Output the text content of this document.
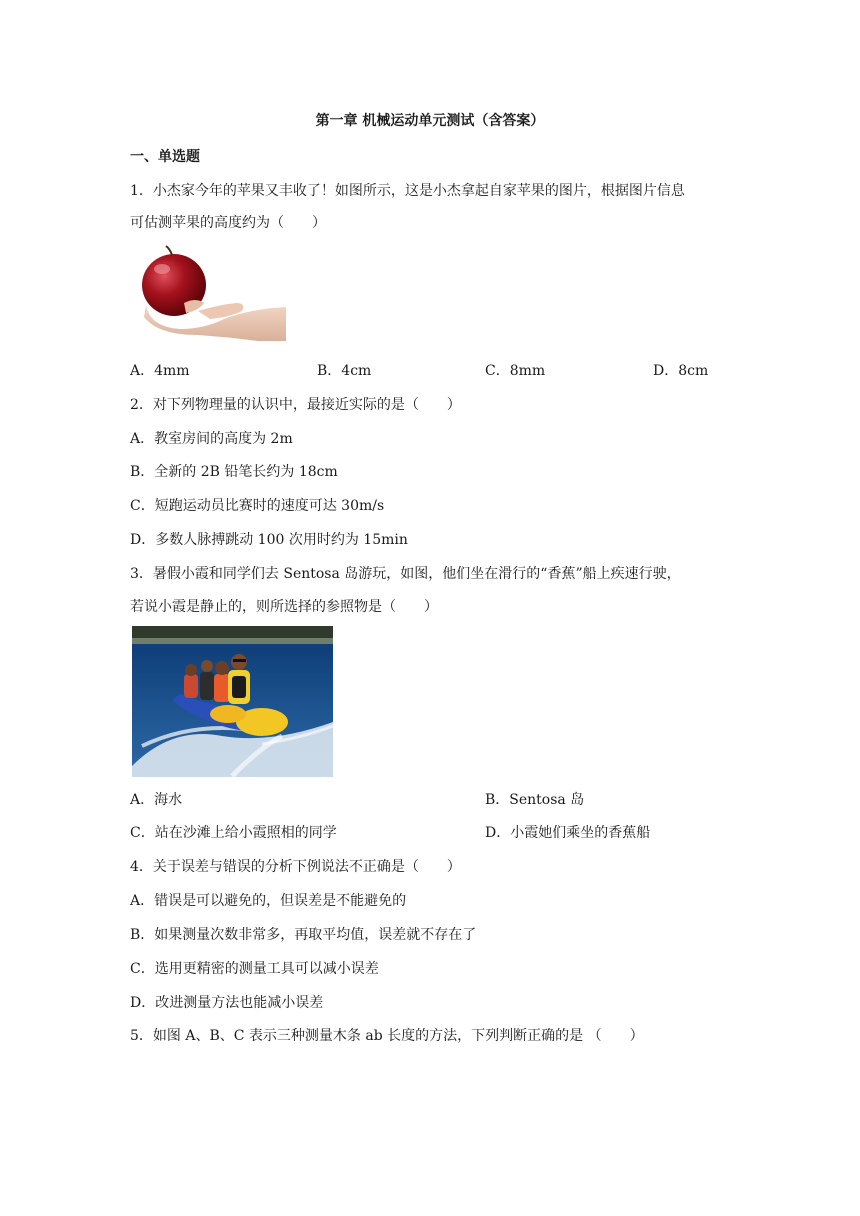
第一章 机械运动单元测试（含答案）
一、单选题
1．小杰家今年的苹果又丰收了！如图所示，这是小杰拿起自家苹果的图片，根据图片信息
可估测苹果的高度约为（　　）
A．4mm	B．4cm	C．8mm	D．8cm
2．对下列物理量的认识中，最接近实际的是（　　）
A．教室房间的高度为 2m
B．全新的 2B 铅笔长约为 18cm
C．短跑运动员比赛时的速度可达 30m/s
D．多数人脉搏跳动 100 次用时约为 15min
3．暑假小霞和同学们去 Sentosa 岛游玩，如图，他们坐在滑行的“香蕉”船上疾速行驶，
若说小霞是静止的，则所选择的参照物是（　　）
A．海水	B．Sentosa 岛
C．站在沙滩上给小霞照相的同学	D．小霞她们乘坐的香蕉船
4．关于误差与错误的分析下例说法不正确是（　　）
A．错误是可以避免的，但误差是不能避免的
B．如果测量次数非常多，再取平均值，误差就不存在了
C．选用更精密的测量工具可以减小误差
D．改进测量方法也能减小误差
5．如图 A、B、C 表示三种测量木条 ab 长度的方法，下列判断正确的是 （　　）
